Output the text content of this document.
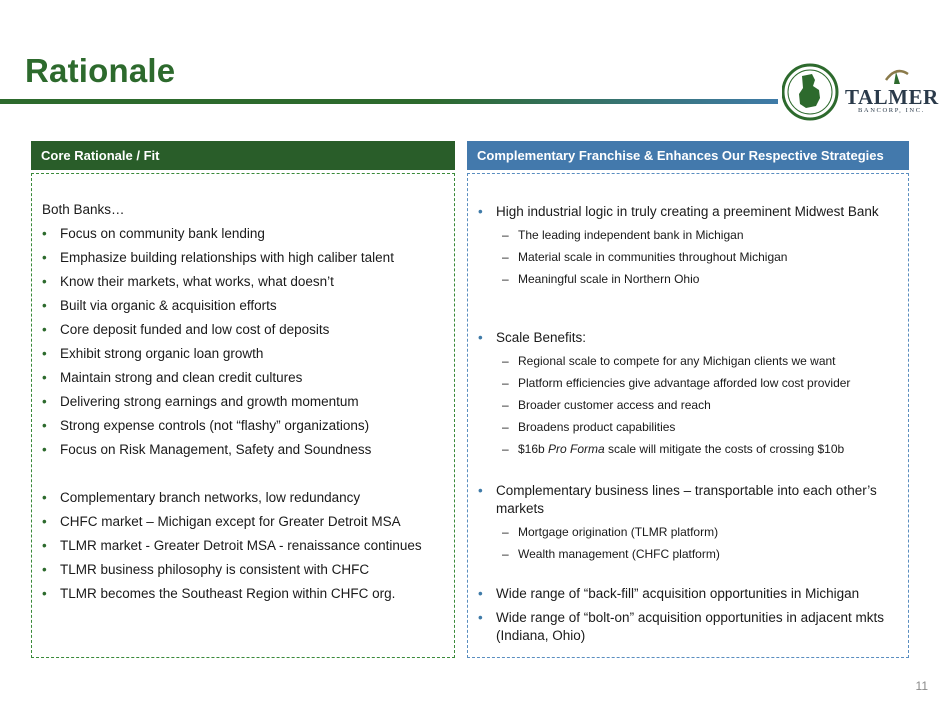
Rationale
TALMER
BANCORP, INC.
Core Rationale / Fit	Complementary Franchise & Enhances Our Respective Strategies
Both Banks…
• Focus on community bank lending
• Emphasize building relationships with high caliber talent
• Know their markets, what works, what doesn’t
• Built via organic & acquisition efforts
• Core deposit funded and low cost of deposits
• Exhibit strong organic loan growth
• Maintain strong and clean credit cultures
• Delivering strong earnings and growth momentum
• Strong expense controls (not “flashy” organizations)
• Focus on Risk Management, Safety and Soundness
• Complementary branch networks, low redundancy
• CHFC market – Michigan except for Greater Detroit MSA
• TLMR market - Greater Detroit MSA - renaissance continues
• TLMR business philosophy is consistent with CHFC
• TLMR becomes the Southeast Region within CHFC org.
• High industrial logic in truly creating a preeminent Midwest Bank
– The leading independent bank in Michigan
– Material scale in communities throughout Michigan
– Meaningful scale in Northern Ohio
• Scale Benefits:
– Regional scale to compete for any Michigan clients we want
– Platform efficiencies give advantage afforded low cost provider
– Broader customer access and reach
– Broadens product capabilities
– $16b Pro Forma scale will mitigate the costs of crossing $10b
• Complementary business lines – transportable into each other’s markets
– Mortgage origination (TLMR platform)
– Wealth management (CHFC platform)
• Wide range of “back-fill” acquisition opportunities in Michigan
• Wide range of “bolt-on” acquisition opportunities in adjacent mkts (Indiana, Ohio)
11
